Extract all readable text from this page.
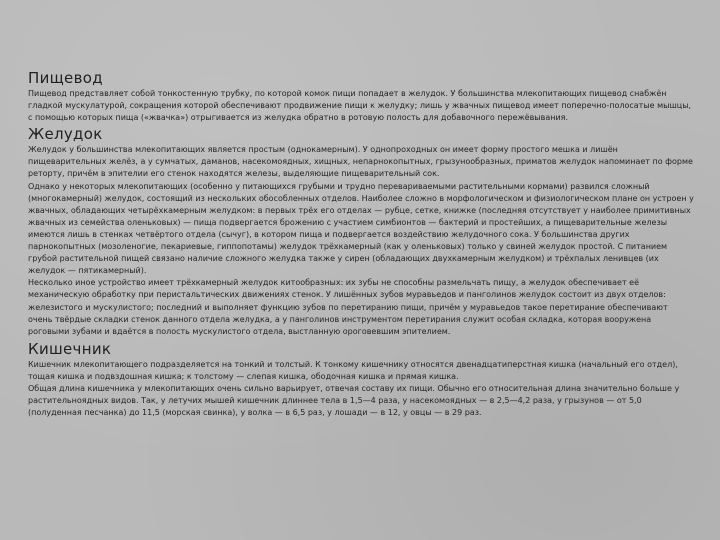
Пищевод

Пищевод представляет собой тонкостенную трубку, по которой комок пищи попадает в желудок. У большинства млекопитающих пищевод снабжён гладкой мускулатурой, сокращения которой обеспечивают продвижение пищи к желудку; лишь у жвачных пищевод имеет поперечно-полосатые мышцы, с помощью которых пища («жвачка») отрыгивается из желудка обратно в ротовую полость для добавочного пережёвывания.

Желудок

Желудок у большинства млекопитающих является простым (однокамерным). У однопроходных он имеет форму простого мешка и лишён пищеварительных желёз, а у сумчатых, даманов, насекомоядных, хищных, непарнокопытных, грызунообразных, приматов желудок напоминает по форме реторту, причём в эпителии его стенок находятся железы, выделяющие пищеварительный сок.

Однако у некоторых млекопитающих (особенно у питающихся грубыми и трудно перевариваемыми растительными кормами) развился сложный (многокамерный) желудок, состоящий из нескольких обособленных отделов. Наиболее сложно в морфологическом и физиологическом плане он устроен у жвачных, обладающих четырёхкамерным желудком: в первых трёх его отделах — рубце, сетке, книжке (последняя отсутствует у наиболее примитивных жвачных из семейства оленьковых) — пища подвергается брожению с участием симбионтов — бактерий и простейших, а пищеварительные железы имеются лишь в стенках четвёртого отдела (сычуг), в котором пища и подвергается воздействию желудочного сока. У большинства других парнокопытных (мозоленогие, пекариевые, гиппопотамы) желудок трёхкамерный (как у оленьковых) только у свиней желудок простой. С питанием грубой растительной пищей связано наличие сложного желудка также у сирен (обладающих двухкамерным желудком) и трёхпалых ленивцев (их желудок — пятикамерный).

Несколько иное устройство имеет трёхкамерный желудок китообразных: их зубы не способны размельчать пищу, а желудок обеспечивает её механическую обработку при перистальтических движениях стенок. У лишённых зубов муравьедов и панголинов желудок состоит из двух отделов: железистого и мускулистого; последний и выполняет функцию зубов по перетиранию пищи, причём у муравьедов такое перетирание обеспечивают очень твёрдые складки стенок данного отдела желудка, а у панголинов инструментом перетирания служит особая складка, которая вооружена роговыми зубами и вдаётся в полость мускулистого отдела, выстланную ороговевшим эпителием.

Кишечник

Кишечник млекопитающего подразделяется на тонкий и толстый. К тонкому кишечнику относятся двенадцатиперстная кишка (начальный его отдел), тощая кишка и подвздошная кишка; к толстому — слепая кишка, ободочная кишка и прямая кишка.

Общая длина кишечника у млекопитающих очень сильно варьирует, отвечая составу их пищи. Обычно его относительная длина значительно больше у растительноядных видов. Так, у летучих мышей кишечник длиннее тела в 1,5—4 раза, у насекомоядных — в 2,5—4,2 раза, у грызунов — от 5,0 (полуденная песчанка) до 11,5 (морская свинка), у волка — в 6,5 раз, у лошади — в 12, у овцы — в 29 раз.
